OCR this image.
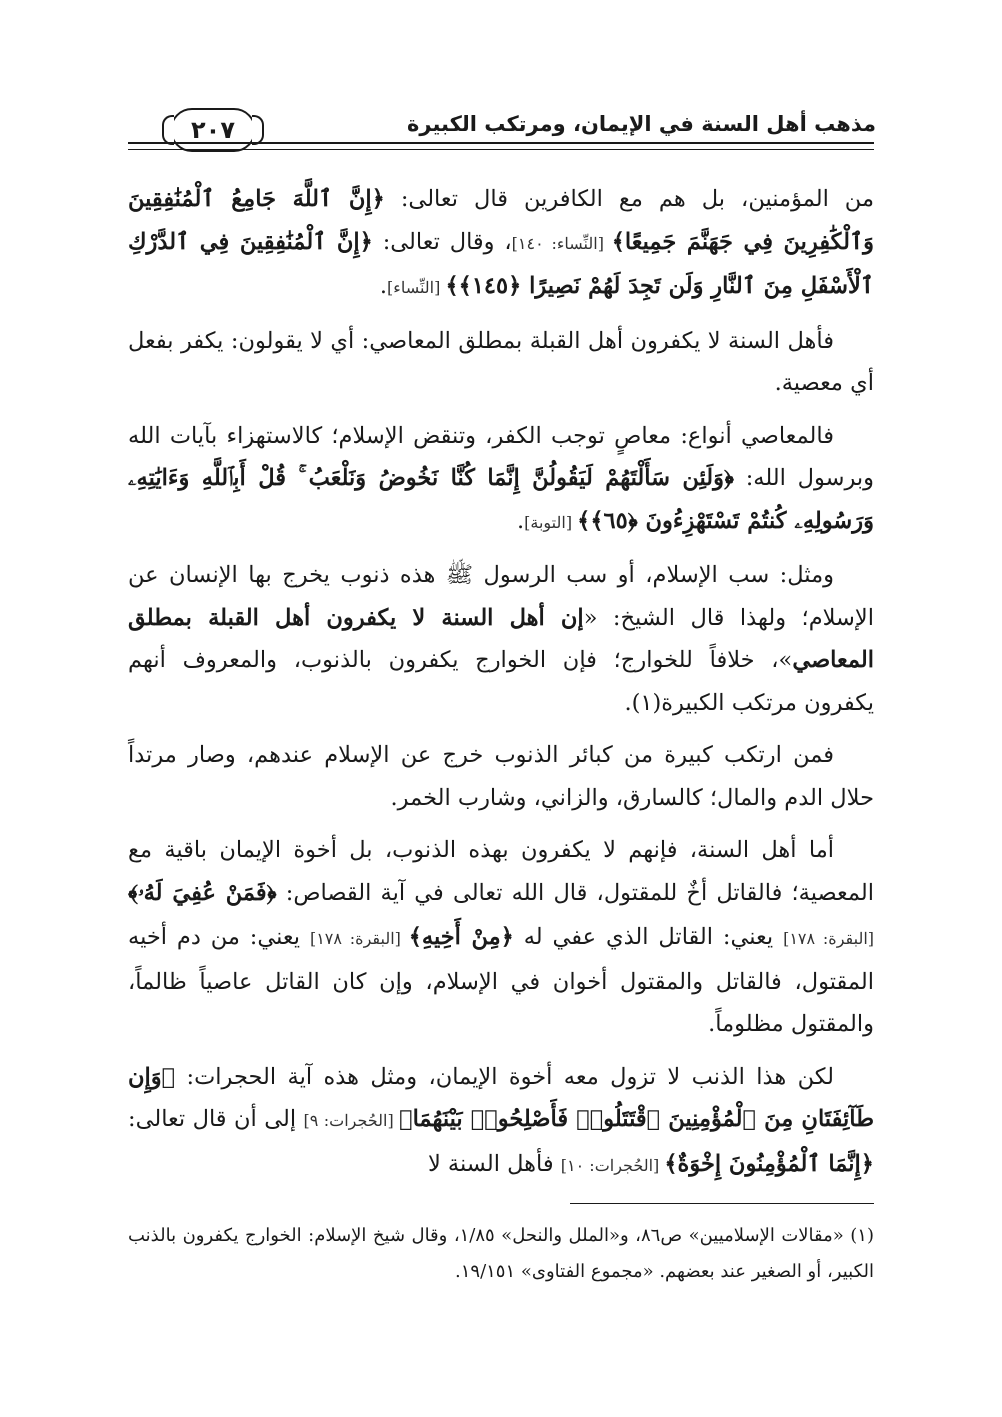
مذهب أهل السنة في الإيمان، ومرتكب الكبيرة
٢٠٧

من المؤمنين، بل هم مع الكافرين قال تعالى: ﴿إِنَّ ٱللَّهَ جَامِعُ ٱلْمُنَٰفِقِينَ وَٱلْكَٰفِرِينَ فِي جَهَنَّمَ جَمِيعًا﴾ [النِّساء: ١٤٠]، وقال تعالى: ﴿إِنَّ ٱلْمُنَٰفِقِينَ فِي ٱلدَّرْكِ ٱلْأَسْفَلِ مِنَ ٱلنَّارِ وَلَن تَجِدَ لَهُمْ نَصِيرًا ﴿١٤٥﴾﴾ [النِّساء].

فأهل السنة لا يكفرون أهل القبلة بمطلق المعاصي: أي لا يقولون: يكفر بفعل أي معصية.

فالمعاصي أنواع: معاصٍ توجب الكفر، وتنقض الإسلام؛ كالاستهزاء بآيات الله وبرسول الله: ﴿وَلَئِن سَأَلْتَهُمْ لَيَقُولُنَّ إِنَّمَا كُنَّا نَخُوضُ وَنَلْعَبُ ۚ قُلْ أَبِٱللَّهِ وَءَايَٰتِهِۦ وَرَسُولِهِۦ كُنتُمْ تَسْتَهْزِءُونَ ﴿٦٥﴾﴾ [التوبة].

ومثل: سب الإسلام، أو سب الرسول ﷺ هذه ذنوب يخرج بها الإنسان عن الإسلام؛ ولهذا قال الشيخ: «إن أهل السنة لا يكفرون أهل القبلة بمطلق المعاصي»، خلافاً للخوارج؛ فإن الخوارج يكفرون بالذنوب، والمعروف أنهم يكفرون مرتكب الكبيرة(١).

فمن ارتكب كبيرة من كبائر الذنوب خرج عن الإسلام عندهم، وصار مرتداً حلال الدم والمال؛ كالسارق، والزاني، وشارب الخمر.

أما أهل السنة، فإنهم لا يكفرون بهذه الذنوب، بل أخوة الإيمان باقية مع المعصية؛ فالقاتل أخٌ للمقتول، قال الله تعالى في آية القصاص: ﴿فَمَنْ عُفِيَ لَهُۥ﴾ [البقرة: ١٧٨] يعني: القاتل الذي عفي له ﴿مِنْ أَخِيهِ﴾ [البقرة: ١٧٨] يعني: من دم أخيه المقتول، فالقاتل والمقتول أخوان في الإسلام، وإن كان القاتل عاصياً ظالماً، والمقتول مظلوماً.

لكن هذا الذنب لا تزول معه أخوة الإيمان، ومثل هذه آية الحجرات: ﴿وَإِن طَآئِفَتَانِ مِنَ ٱلْمُؤْمِنِينَ ٱقْتَتَلُوا۟ فَأَصْلِحُوا۟ بَيْنَهُمَا﴾ [الحُجرات: ٩] إلى أن قال تعالى: ﴿إِنَّمَا ٱلْمُؤْمِنُونَ إِخْوَةٌ﴾ [الحُجرات: ١٠] فأهل السنة لا

(١) «مقالات الإسلاميين» ص٨٦، و«الملل والنحل» ١/٨٥، وقال شيخ الإسلام: الخوارج يكفرون بالذنب الكبير، أو الصغير عند بعضهم. «مجموع الفتاوى» ١٩/١٥١.
